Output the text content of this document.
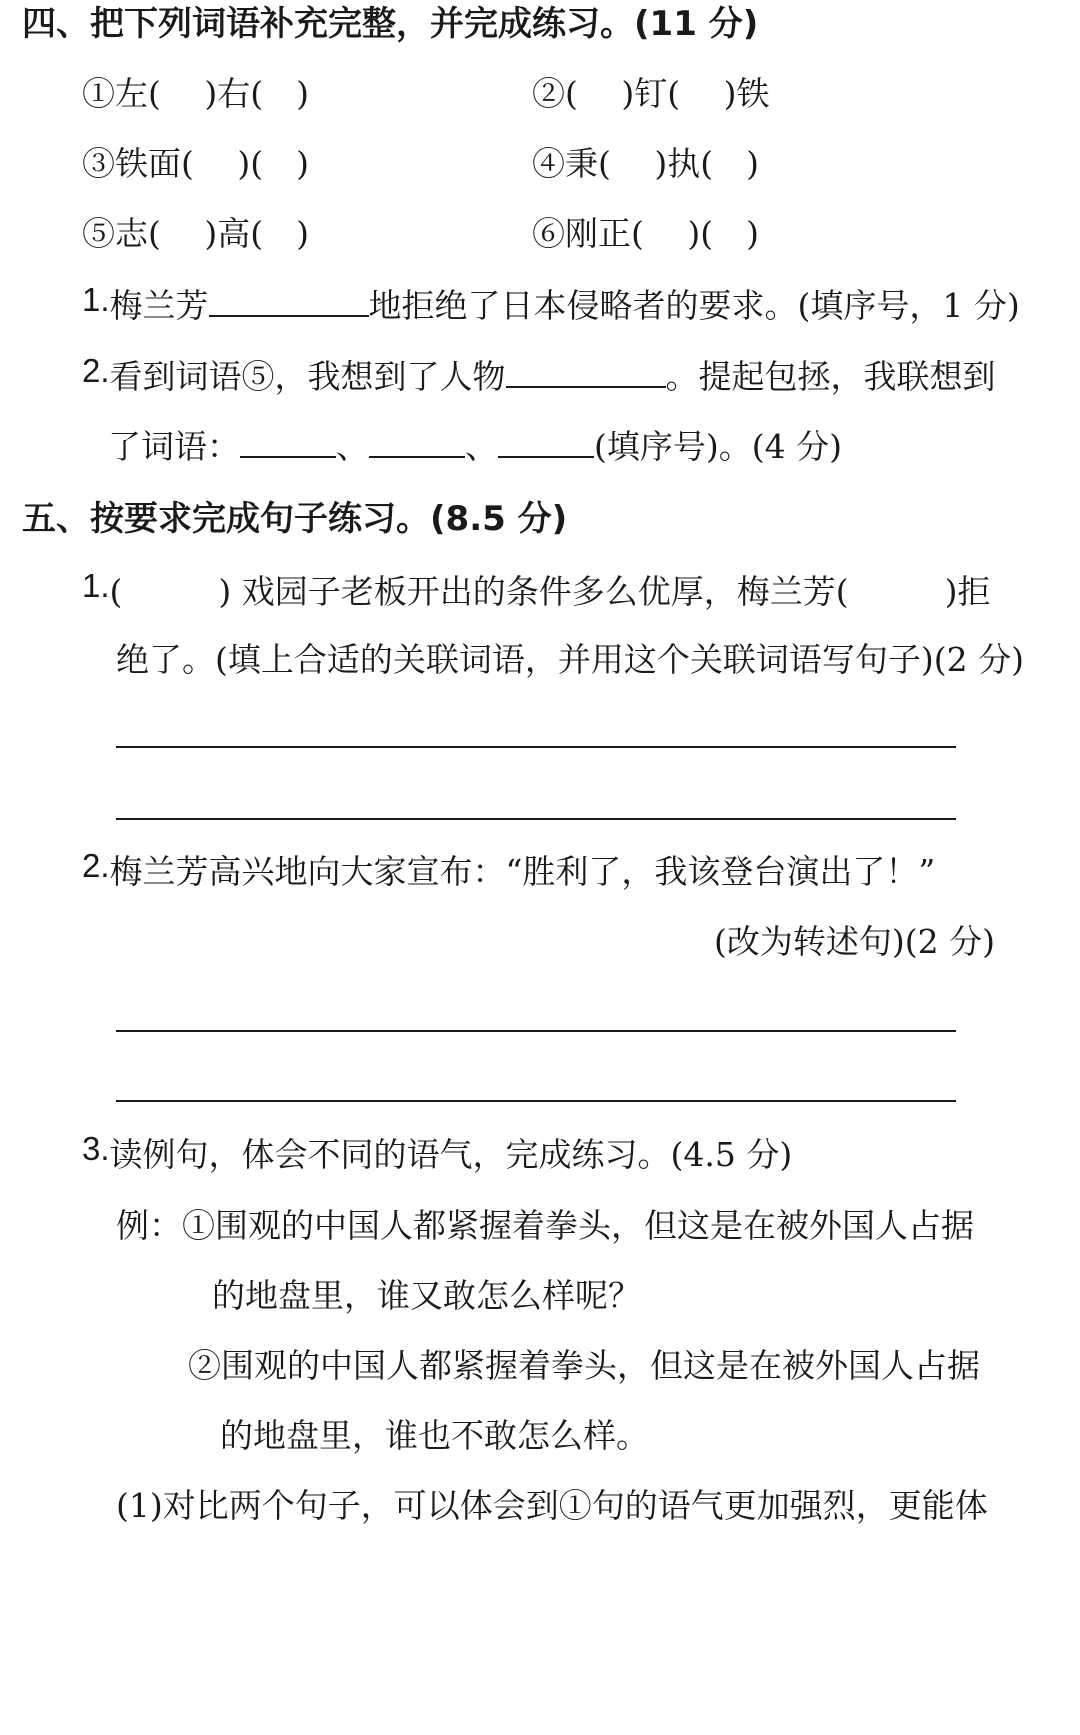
四、把下列词语补充完整，并完成练习。(11 分)
①左(　 )右(　)	②(　 )钉(　 )铁
③铁面(　 )(　)	④秉(　 )执(　)
⑤志(　 )高(　)	⑥刚正(　 )(　)
1.梅兰芳	地拒绝了日本侵略者的要求。(填序号，1 分)
2.看到词语⑤，我想到了人物	。提起包拯，我联想到
了词语：	、	、	(填序号)。(4 分)
五、按要求完成句子练习。(8.5 分)
1.(	) 戏园子老板开出的条件多么优厚，梅兰芳(	)拒
绝了。(填上合适的关联词语，并用这个关联词语写句子)(2 分)
2.梅兰芳高兴地向大家宣布：“胜利了，我该登台演出了！”
(改为转述句)(2 分)
3.读例句，体会不同的语气，完成练习。(4.5 分)
例：①围观的中国人都紧握着拳头，但这是在被外国人占据
的地盘里，谁又敢怎么样呢？
②围观的中国人都紧握着拳头，但这是在被外国人占据
的地盘里，谁也不敢怎么样。
(1)对比两个句子，可以体会到①句的语气更加强烈，更能体
